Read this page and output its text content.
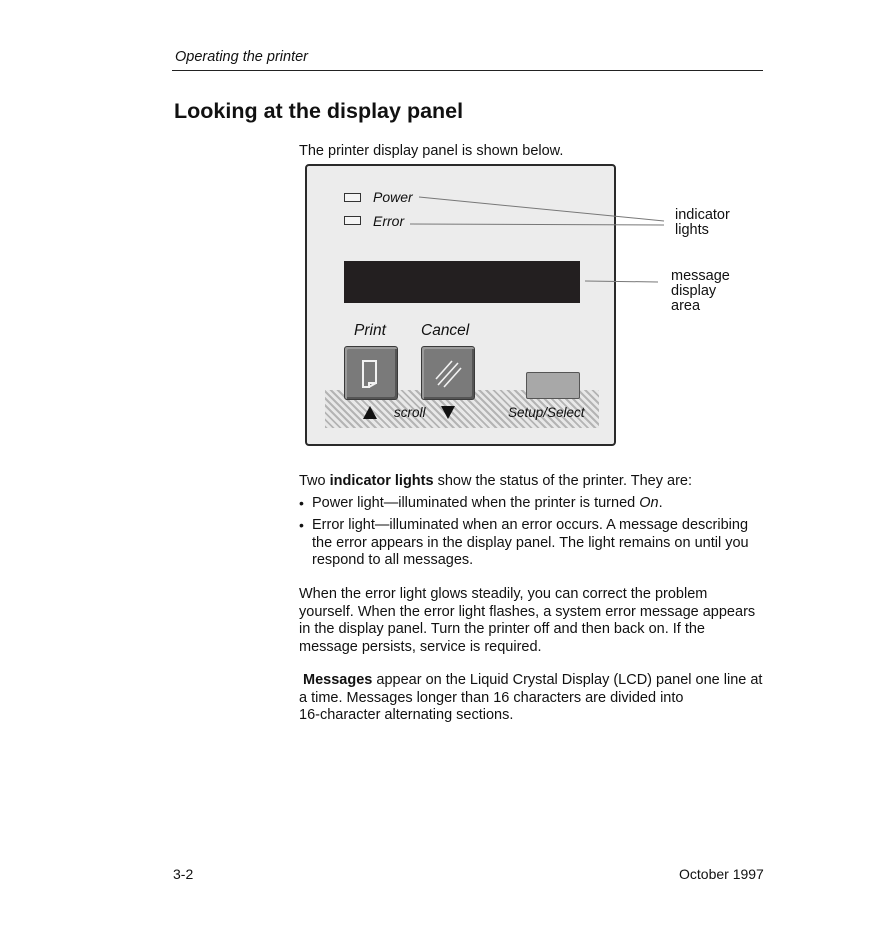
Operating the printer
Looking at the display panel
The printer display panel is shown below.
Power
Error
Print Cancel
scroll	Setup/Select
indicator
lights
message
display
area
Two indicator lights show the status of the printer. They are:
• Power light—illuminated when the printer is turned On.
• Error light—illuminated when an error occurs. A message describing
the error appears in the display panel. The light remains on until you
respond to all messages.
When the error light glows steadily, you can correct the problem
yourself. When the error light flashes, a system error message appears
in the display panel. Turn the printer off and then back on. If the
message persists, service is required.
Messages appear on the Liquid Crystal Display (LCD) panel one line at
a time. Messages longer than 16 characters are divided into
16-character alternating sections.
3-2	October 1997
